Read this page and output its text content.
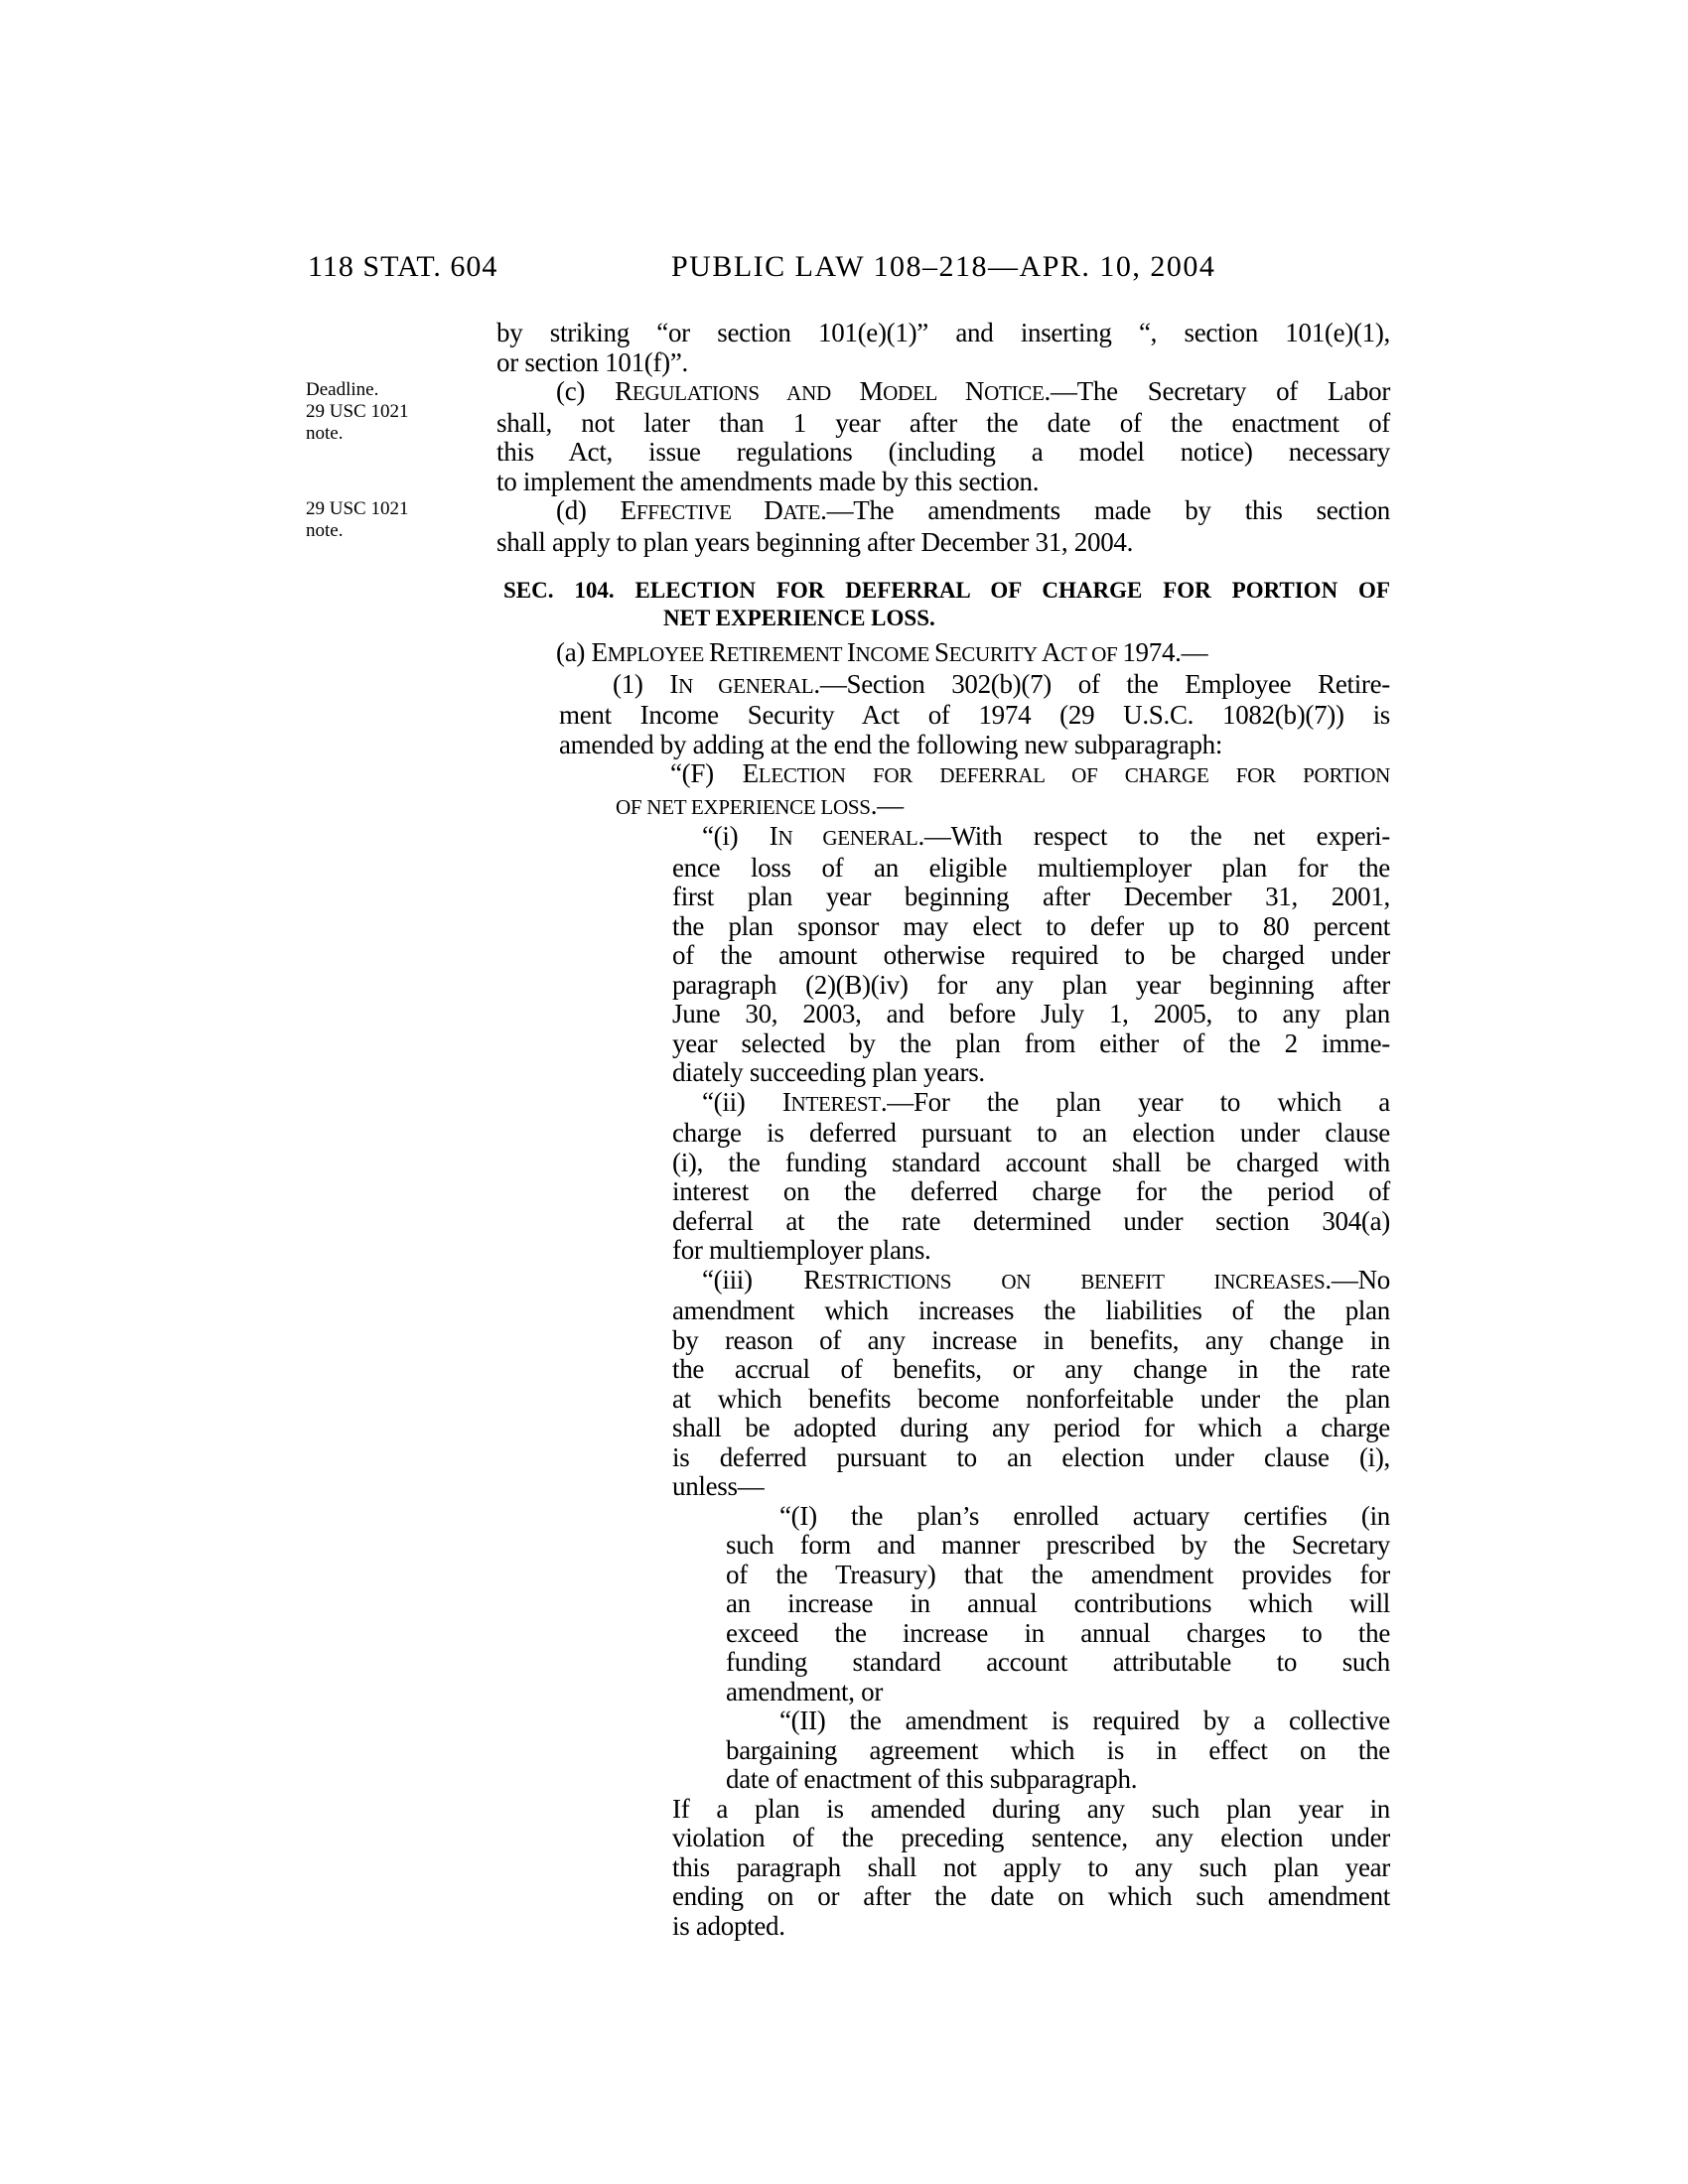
118 STAT. 604	PUBLIC LAW 108–218—APR. 10, 2004
Deadline.
29 USC 1021
note.
29 USC 1021
note.
by striking “or section 101(e)(1)” and inserting “, section 101(e)(1),
or section 101(f)”.
(c) REGULATIONS AND MODEL NOTICE.—The Secretary of Labor
shall, not later than 1 year after the date of the enactment of
this Act, issue regulations (including a model notice) necessary
to implement the amendments made by this section.
(d) EFFECTIVE DATE.—The amendments made by this section
shall apply to plan years beginning after December 31, 2004.
SEC. 104. ELECTION FOR DEFERRAL OF CHARGE FOR PORTION OF
NET EXPERIENCE LOSS.
(a) EMPLOYEE RETIREMENT INCOME SECURITY ACT OF 1974.—
(1) IN GENERAL.—Section 302(b)(7) of the Employee Retire-
ment Income Security Act of 1974 (29 U.S.C. 1082(b)(7)) is
amended by adding at the end the following new subparagraph:
“(F) ELECTION FOR DEFERRAL OF CHARGE FOR PORTION
OF NET EXPERIENCE LOSS.—
“(i) IN GENERAL.—With respect to the net experi-
ence loss of an eligible multiemployer plan for the
first plan year beginning after December 31, 2001,
the plan sponsor may elect to defer up to 80 percent
of the amount otherwise required to be charged under
paragraph (2)(B)(iv) for any plan year beginning after
June 30, 2003, and before July 1, 2005, to any plan
year selected by the plan from either of the 2 imme-
diately succeeding plan years.
“(ii) INTEREST.—For the plan year to which a
charge is deferred pursuant to an election under clause
(i), the funding standard account shall be charged with
interest on the deferred charge for the period of
deferral at the rate determined under section 304(a)
for multiemployer plans.
“(iii) RESTRICTIONS ON BENEFIT INCREASES.—No
amendment which increases the liabilities of the plan
by reason of any increase in benefits, any change in
the accrual of benefits, or any change in the rate
at which benefits become nonforfeitable under the plan
shall be adopted during any period for which a charge
is deferred pursuant to an election under clause (i),
unless—
“(I) the plan’s enrolled actuary certifies (in
such form and manner prescribed by the Secretary
of the Treasury) that the amendment provides for
an increase in annual contributions which will
exceed the increase in annual charges to the
funding standard account attributable to such
amendment, or
“(II) the amendment is required by a collective
bargaining agreement which is in effect on the
date of enactment of this subparagraph.
If a plan is amended during any such plan year in
violation of the preceding sentence, any election under
this paragraph shall not apply to any such plan year
ending on or after the date on which such amendment
is adopted.
